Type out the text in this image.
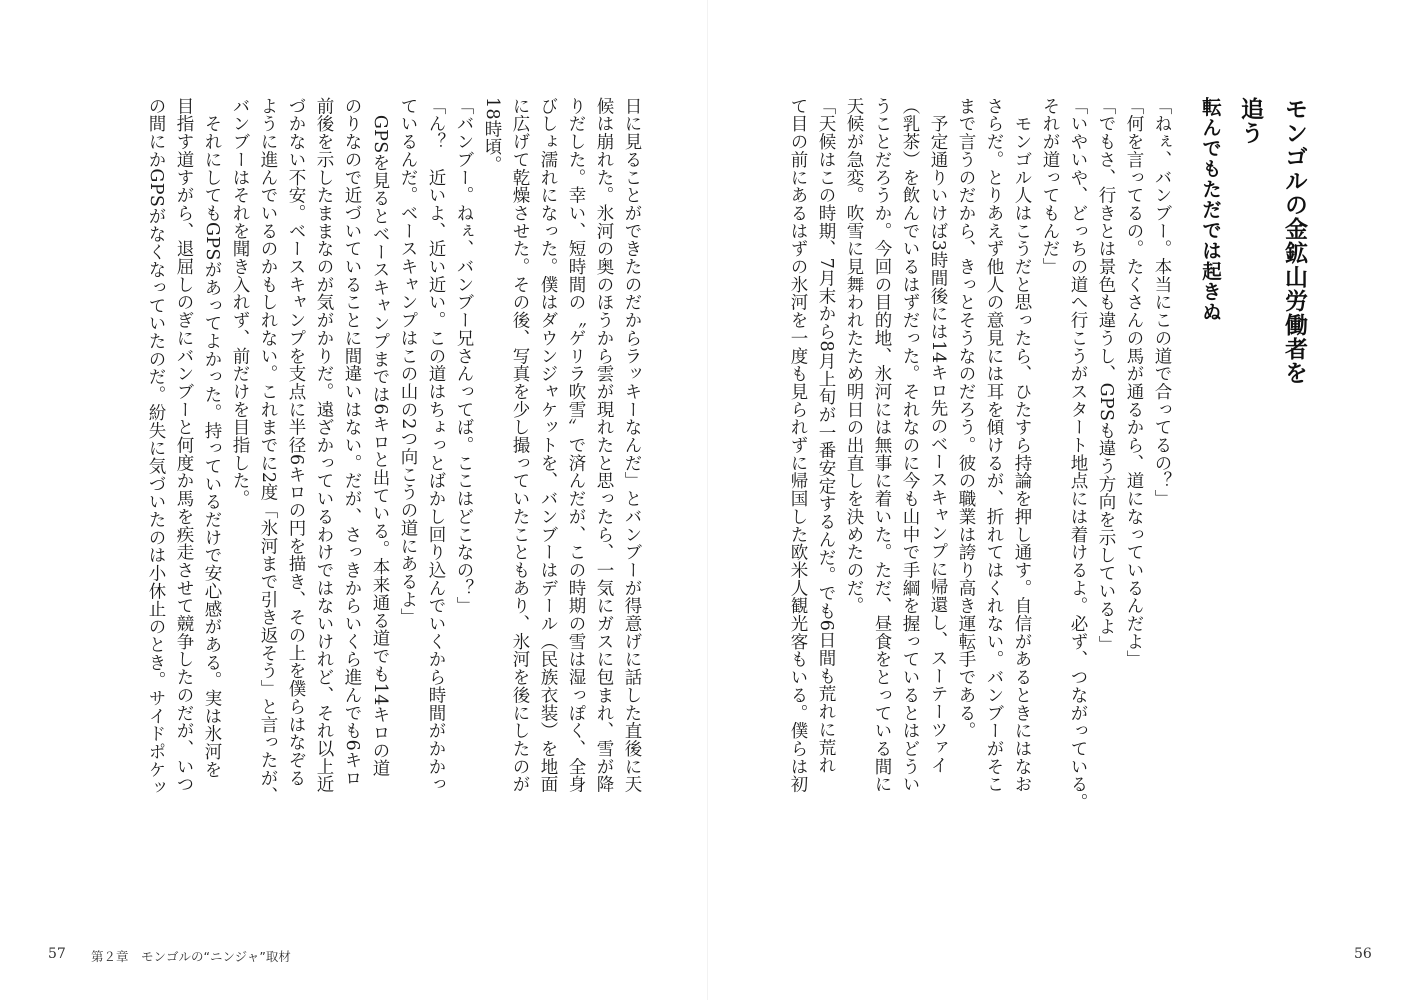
モンゴルの金鉱山労働者を追う
転んでもただでは起きぬ
「ねぇ、バンブー。本当にこの道で合ってるの？」
「何を言ってるの。たくさんの馬が通るから、道になっているんだよ」
「でもさ、行きとは景色も違うし、GPSも違う方向を示しているよ」
「いやいや、どっちの道へ行こうがスタート地点には着けるよ。必ず、つながっている。
それが道ってもんだ」
　モンゴル人はこうだと思ったら、ひたすら持論を押し通す。自信があるときにはなお
さらだ。とりあえず他人の意見には耳を傾けるが、折れてはくれない。バンブーがそこ
まで言うのだから、きっとそうなのだろう。彼の職業は誇り高き運転手である。
　予定通りいけば3時間後には14キロ先のベースキャンプに帰還し、スーテーツァイ
（乳茶）を飲んでいるはずだった。それなのに今も山中で手綱を握っているとはどうい
うことだろうか。今回の目的地、氷河には無事に着いた。ただ、昼食をとっている間に
天候が急変。吹雪に見舞われたため明日の出直しを決めたのだ。
「天候はこの時期、7月末から8月上旬が一番安定するんだ。でも6日間も荒れに荒れ
て目の前にあるはずの氷河を一度も見られずに帰国した欧米人観光客もいる。僕らは初
56
日に見ることができたのだからラッキーなんだ」とバンブーが得意げに話した直後に天
候は崩れた。氷河の奥のほうから雲が現れたと思ったら、一気にガスに包まれ、雪が降
りだした。幸い、短時間の〝ゲリラ吹雪〟で済んだが、この時期の雪は湿っぽく、全身
びしょ濡れになった。僕はダウンジャケットを、バンブーはデール（民族衣装）を地面
に広げて乾燥させた。その後、写真を少し撮っていたこともあり、氷河を後にしたのが
18時頃。
「バンブー。ねぇ、バンブー兄さんってば。ここはどこなの？」
「ん？　近いよ、近い近い。この道はちょっとばかし回り込んでいくから時間がかかっ
ているんだ。ベースキャンプはこの山の2つ向こうの道にあるよ」
　GPSを見るとベースキャンプまでは6キロと出ている。本来通る道でも14キロの道
のりなので近づいていることに間違いはない。だが、さっきからいくら進んでも6キロ
前後を示したままなのが気がかりだ。遠ざかっているわけではないけれど、それ以上近
づかない不安。ベースキャンプを支点に半径6キロの円を描き、その上を僕らはなぞる
ように進んでいるのかもしれない。これまでに2度「氷河まで引き返そう」と言ったが、
バンブーはそれを聞き入れず、前だけを目指した。
　それにしてもGPSがあってよかった。持っているだけで安心感がある。実は氷河を
目指す道すがら、退屈しのぎにバンブーと何度か馬を疾走させて競争したのだが、いつ
の間にかGPSがなくなっていたのだ。紛失に気づいたのは小休止のとき。サイドポケッ
57 第２章　モンゴルの“ニンジャ”取材
